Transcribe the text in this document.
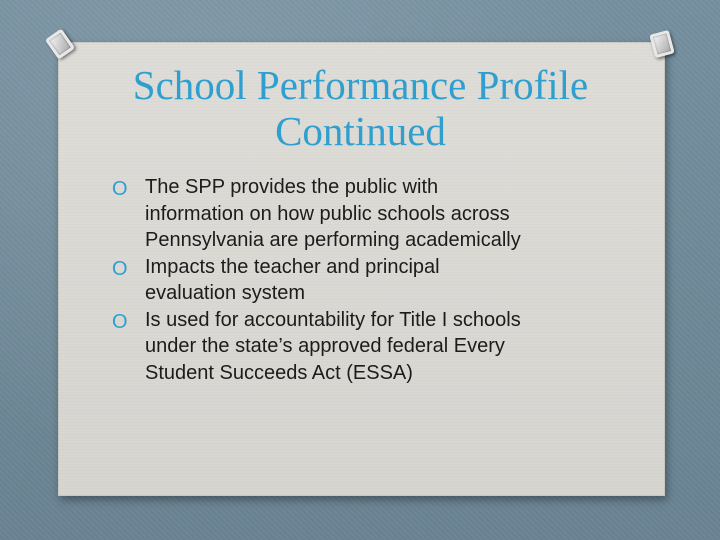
School Performance Profile
Continued
O The SPP provides the public with
information on how public schools across
Pennsylvania are performing academically
O Impacts the teacher and principal
evaluation system
O Is used for accountability for Title I schools
under the state’s approved federal Every
Student Succeeds Act (ESSA)
